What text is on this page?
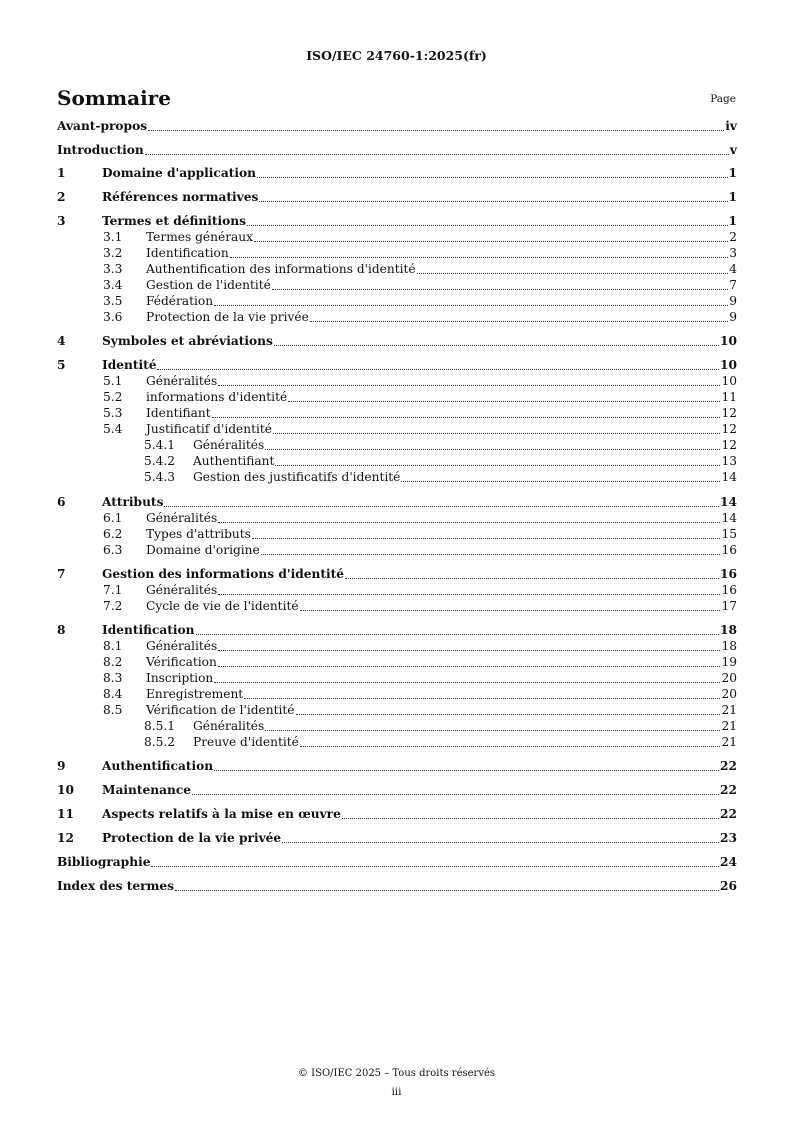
ISO/IEC 24760-1:2025(fr)
Sommaire	Page
Avant-propos	iv
Introduction	v
1	Domaine d'application	1
2	Références normatives	1
3	Termes et définitions	1
3.1	Termes généraux	2
3.2	Identification	3
3.3	Authentification des informations d'identité	4
3.4	Gestion de l'identité	7
3.5	Fédération	9
3.6	Protection de la vie privée	9
4	Symboles et abréviations	10
5	Identité	10
5.1	Généralités	10
5.2	informations d'identité	11
5.3	Identifiant	12
5.4	Justificatif d'identité	12
5.4.1	Généralités	12
5.4.2	Authentifiant	13
5.4.3	Gestion des justificatifs d'identité	14
6	Attributs	14
6.1	Généralités	14
6.2	Types d'attributs	15
6.3	Domaine d'origine	16
7	Gestion des informations d'identité	16
7.1	Généralités	16
7.2	Cycle de vie de l'identité	17
8	Identification	18
8.1	Généralités	18
8.2	Vérification	19
8.3	Inscription	20
8.4	Enregistrement	20
8.5	Vérification de l'identité	21
8.5.1	Généralités	21
8.5.2	Preuve d'identité	21
9	Authentification	22
10	Maintenance	22
11	Aspects relatifs à la mise en œuvre	22
12	Protection de la vie privée	23
Bibliographie	24
Index des termes	26
© ISO/IEC 2025 – Tous droits réservés
iii
